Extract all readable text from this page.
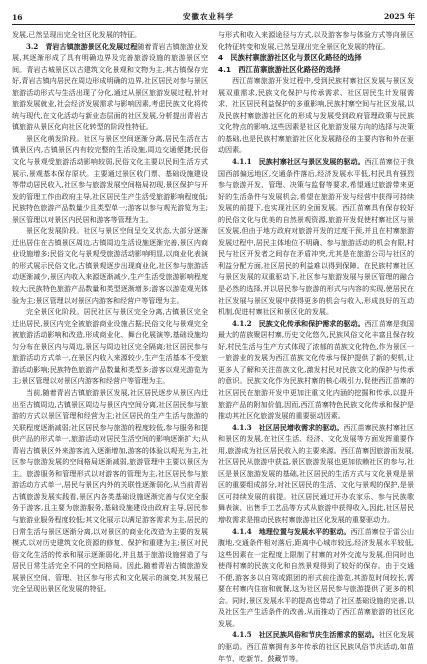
16	安徽农业科学	2025 年

发展,已然呈现出完全社区化发展的特征。

3.2　青岩古镇旅游景区化发展过程随着青岩古镇旅游业发展,其逐渐形成了具有明确边界及完善旅游设施的旅游景区空间。青岩古城景区以古建筑文化景观和文物为主,其古镇保存完好,青岩古镇内居民在周边形成明确的边界,社区居民对参与景区旅游活动形式与生活出现了分化,通过从景区旅游发展过程,针对旅游发展就业,社会经济发展需求与影响因素,考虑民族文化将传统与现代,在文化活动与新业态层面的社区发展,分析提出青岩古镇旅游从景区化向社区化转型的阶段性特征。

景区化萌发阶段。社区与景区空间逐渐分离,居民生活在古镇景区内,古镇景区内有较完整的生活设施,周边交通便捷;民俗文化与景观受旅游活动影响较弱,民俗文化主要以民间生活方式展示,景观基本保存原状。主要通过景区收门票、基础设施建设等带动居民收入,社区参与旅游发展空间格局初现,景区保护与开发的管理工作由政府主导,社区居民生产生活受旅游影响程度低;民族特色旅游产品数量少且类型单一;游客以参与观光游览为主;景区管理以对景区内民居和游客等管理为主。

景区化发展阶段。社区与景区空间呈交叉状态,大部分逐渐迁出居住在古镇景区周边,古镇周边生活设施逐渐完善,景区内商业设施增多;民俗文化与景观受旅游活动影响明显,以商业化表演的形式展示民俗文化,古镇景观逐步出现商业化,社区参与旅游活动逐渐减少,景区内收入来源逐渐减少,生产生活受旅游影响程度较大;民族特色旅游产品数量和类型逐渐增多;游客以游览观光体验为主;景区管理以对景区内游客和经营户等管理为主。

完全景区化阶段。居民社区与景区完全分离,古镇景区完全迁出居民,景区内完全被旅游商业设施占据;民俗文化与景观完全被旅游活动影响和改造,形成商业化、舞台化展演等,基础设施均匀分布在景区内与周边,景区与周边社区完全隔离;社区居民参与旅游活动方式单一,在景区内收入来源较少,生产生活基本不受旅游活动影响;民族特色旅游产品数量和类型多;游客以观光游览为主;景区管理以对景区内游客和经营户等管理为主。

当前,随着青岩古镇旅游景区发展,社区居民逐步从景区内迁出至古镇周边,古镇景区周边与景区内空间分离,社区居民参与旅游的方式以景区管理和经营为主;社区居民的生产生活与旅游的关联程度逐渐减弱;社区居民参与旅游的程度较低,参与服务和提供产品的形式单一,旅游活动对居民生活空间的影响逐渐扩大;从青岩古镇景区外来游客流入逐渐增加,游客的体验以观光为主,社区参与旅游发展的空间格局逐渐减弱,旅游管理中主要以景区为主。旅游服务和管理形式以对游客的管理为主,社区居民参与旅游活动方式单一,居民与景区内外的关联性逐渐弱化,从当前青岩古镇旅游发展实践看,景区内各类基础设施逐渐完善与仅完全服务于游客,且主要为旅游服务,基础设施建设由政府主导,居民参与旅游业服务程度较低;其文化展示以满足游客需求为主,居民的日常生活与景区逐渐分离,以对景区的商业化改造为主要的发展模式,以对历史建筑文化资源的修复、保护和重建为主;景区对民俗文化生活的传承和展示逐渐弱化,并且基于旅游设施营造了与居民日常生活完全不同的空间格局。因此,随着青岩古镇旅游发展景区空间、管理、社区参与形式和文化展示的演变,其发展已完全呈现出景区化发展的特征。

与形式和收入来源途径与方式,以及游客参与体验方式等向景区化特征转变和发展,已然呈现出完全景区化发展的特征。

4　民族村寨旅游社区化与景区化路径的选择
4.1　西江苗寨旅游社区化路径的选择

西江苗寨旅游开发过程中,受到民族村寨社区发展与景区发展双重需求,民族文化保护与传承需求、社区居民生计发展需求、社区居民利益保护的多重影响,民族村寨空间与社区发展,以及民族村寨旅游社区化的形成与发展受到政府管理政策与民族文化特点的影响,这些因素是社区化旅游发展方向的选择与决策的基础,也是民族村寨旅游社区化发展路径的主要内容和外在驱动因素。

4.1.1　民族村寨社区与景区发展的驱动。西江苗寨位于我国西部偏远地区,交通条件落后,经济发展水平低,村民具有强烈参与旅游开发、管理、决策与监督等要求,希望通过旅游带来更好的生活条件与发展机会,希望在旅游开发与经营中获得可持续发展的前提下,也实现社区的全面发展。西江苗寨具有保存较好的民俗文化与优美的自然景观资源,旅游开发促使村寨社区与景区发展,但由于地方政府对旅游开发的过度干预,并且在村寨旅游发展过程中,居民主体地位不明确、参与旅游活动的机会有限,村民与社区开发者之间存在矛盾冲突,尤其是在旅游公司与社区的利益分配方面,社区居民的利益难以得到保障。在民族村寨社区与景区发展的双重驱动下,社区参与旅游发展与景区管理的融合是必然的选择,并以居民参与旅游的形式与内容的实现,使居民在社区发展与景区发展中获得更多的机会与收入,形成良好的互动机制,促进村寨社区和景区化的发展。

4.1.2　民族文化传承和保护需求的驱动。西江苗寨是我国最大的苗族聚居村寨,历史文化悠久,民族风俗文化丰富且保存较好,村民生活与生产方式体现了浓郁的苗族文化特色,作为景区一一旅游业的发展为西江苗族文化传承与保护提供了新的契机,让更多人了解和关注苗族文化,激发村民对民族文化的保护与传承的意识。民族文化作为民族村寨的核心吸引力,促使西江苗寨的社区居民在旅游开发中更加注重文化内涵的挖掘和传承,以提升旅游产品的附加价值,因而,西江苗寨特色民族文化传承和保护是推动其社区化旅游发展的重要驱动因素。

4.1.3　社区居民增收需求的驱动。西江苗寨民族村寨社区和景区的发展,在社区生活、经济、文化发展等方面发挥重要作用,旅游成为社区居民收入的主要来源。西江苗寨因旅游而发展,社区居民从旅游中获益,景区旅游发展也更加依赖社区的参与,社区是景区旅游发展的基础,社区居民的生活方式与文化景观是景区的重要组成部分,对社区居民的生活、文化与景观的保护,是景区可持续发展的前提。社区居民通过开办农家乐、参与民族歌舞表演、出售手工艺品等方式从旅游中获得收入,因此,社区居民增收需求是推动民族村寨旅游社区化发展的重要驱动力。

4.1.4　地理位置与发展水平的驱动。西江苗寨位于雷公山腹地,交通条件相对落后,距离中心城市较远,经济发展水平较低,这些因素在一定程度上限制了村寨的对外交流与发展,但同时也使得村寨的民族文化和自然景观得到了较好的保存。由于交通不便,游客多以自驾或跟团的形式前往游览,其游览时间较长,需要在村寨内住宿和就餐,这为社区居民参与旅游提供了更多的机会。同时,景区发展水平的提高也带动了社区基础设施的完善,以及社区生产生活条件的改善,从而推动了西江苗寨旅游的社区化发展。

4.1.5　社区民族风俗和节庆生活需求的驱动。社区化发展的驱动。西江苗寨拥有多年传承的社区民族风俗节庆活动,如苗年节、吃新节、鼓藏节等。
